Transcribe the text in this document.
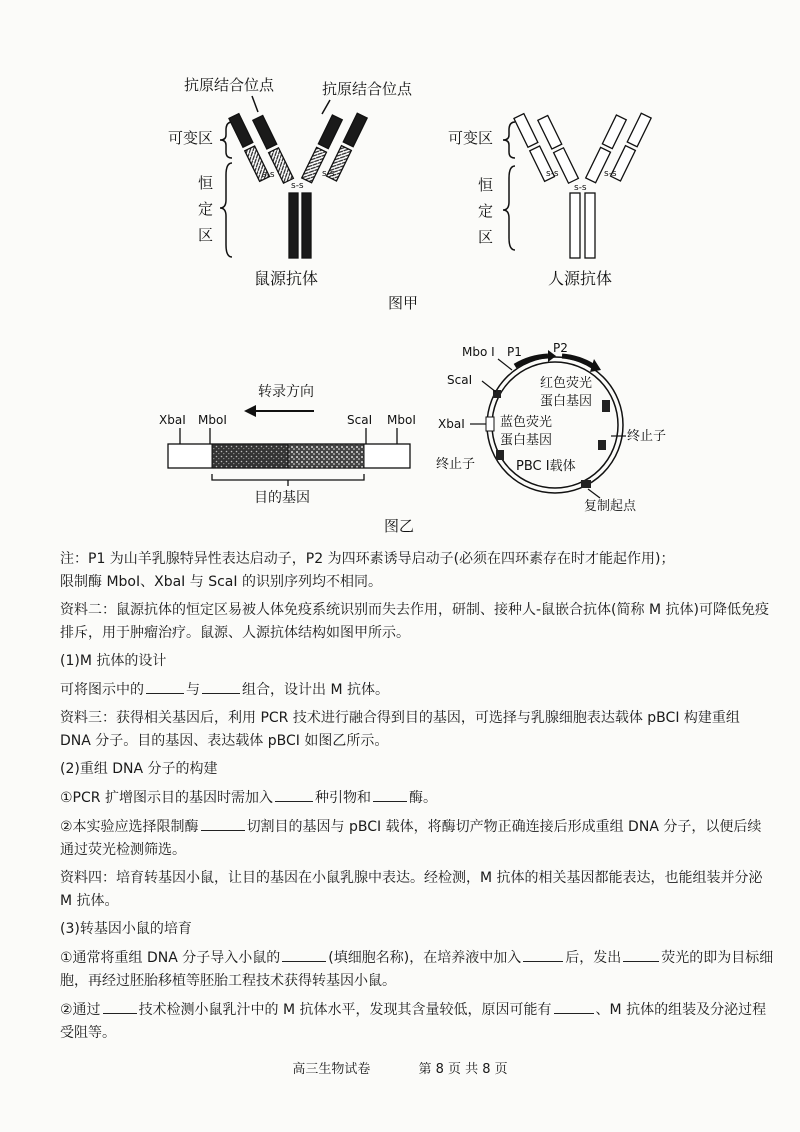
抗原结合位点	抗原结合位点
可变区
恒定区
s-s	s-s
s-s
鼠源抗体
可变区
恒定区
s-s	s-s
s-s
人源抗体
图甲
转录方向
XbaI MboI	ScaI MboI
目的基因
Mbo I P1	P2
ScaI
XbaI
红色荧光
蛋白基因
蓝色荧光
蛋白基因	终止子
终止子	PBC Ⅰ载体
复制起点
图乙

注：P1 为山羊乳腺特异性表达启动子，P2 为四环素诱导启动子(必须在四环素存在时才能起作用)；
限制酶 MboI、XbaI 与 ScaI 的识别序列均不相同。

资料二：鼠源抗体的恒定区易被人体免疫系统识别而失去作用，研制、接种人-鼠嵌合抗体(简称 M 抗体)可降低免疫排斥，用于肿瘤治疗。鼠源、人源抗体结构如图甲所示。

(1)M 抗体的设计

可将图示中的	与	组合，设计出 M 抗体。

资料三：获得相关基因后，利用 PCR 技术进行融合得到目的基因，可选择与乳腺细胞表达载体 pBCI 构建重组 DNA 分子。目的基因、表达载体 pBCI 如图乙所示。

(2)重组 DNA 分子的构建

①PCR 扩增图示目的基因时需加入	种引物和	酶。

②本实验应选择限制酶	切割目的基因与 pBCI 载体，将酶切产物正确连接后形成重组 DNA 分子，以便后续通过荧光检测筛选。

资料四：培育转基因小鼠，让目的基因在小鼠乳腺中表达。经检测，M 抗体的相关基因都能表达，也能组装并分泌 M 抗体。

(3)转基因小鼠的培育

①通常将重组 DNA 分子导入小鼠的	(填细胞名称)，在培养液中加入	后，发出	荧光的即为目标细胞，再经过胚胎移植等胚胎工程技术获得转基因小鼠。

②通过	技术检测小鼠乳汁中的 M 抗体水平，发现其含量较低，原因可能有	、M 抗体的组装及分泌过程受阻等。

高三生物试卷	第 8 页 共 8 页
